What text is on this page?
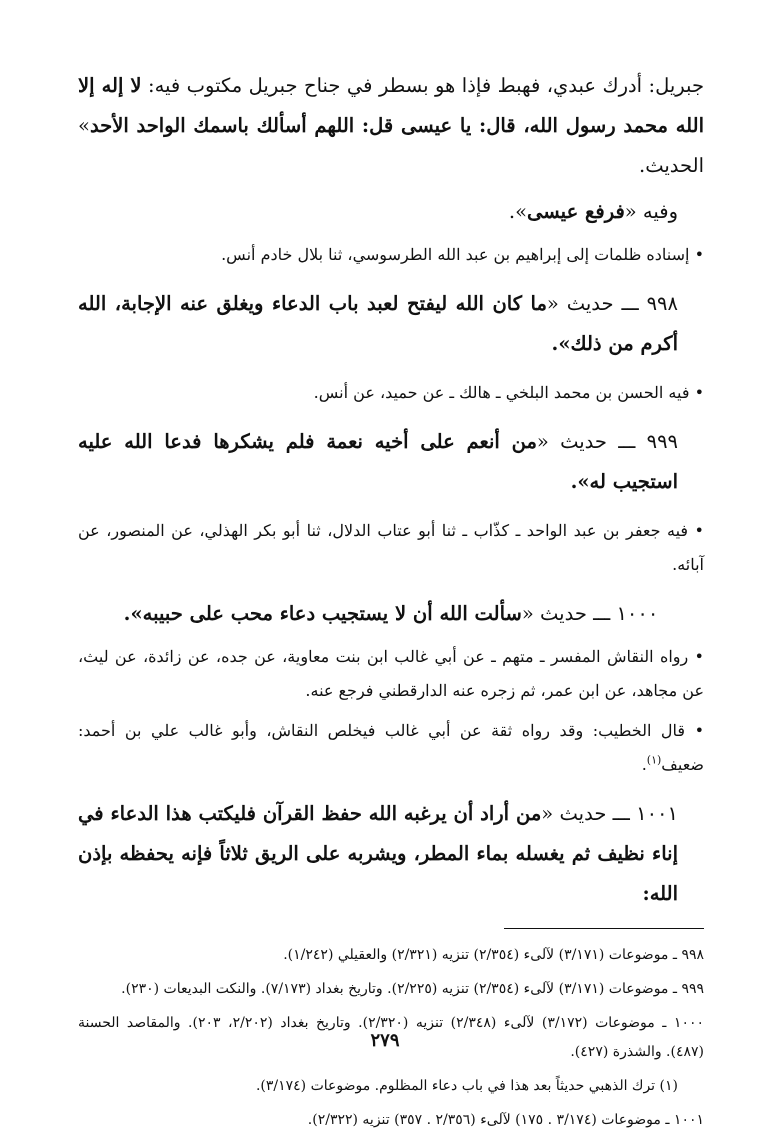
جبريل: أدرك عبدي، فهبط فإذا هو بسطر في جناح جبريل مكتوب فيه: لا إله إلا الله محمد رسول الله، قال: يا عيسى قل: اللهم أسألك باسمك الواحد الأحد» الحديث.

وفيه «فرفع عيسى».

• إسناده ظلمات إلى إبراهيم بن عبد الله الطرسوسي، ثنا بلال خادم أنس.

٩٩٨ ـــ حديث «ما كان الله ليفتح لعبد باب الدعاء ويغلق عنه الإجابة، الله أكرم من ذلك».

• فيه الحسن بن محمد البلخي ـ هالك ـ عن حميد، عن أنس.

٩٩٩ ـــ حديث «من أنعم على أخيه نعمة فلم يشكرها فدعا الله عليه استجيب له».

• فيه جعفر بن عبد الواحد ـ كذّاب ـ ثنا أبو عتاب الدلال، ثنا أبو بكر الهذلي، عن المنصور، عن آبائه.

١٠٠٠ ـــ حديث «سألت الله أن لا يستجيب دعاء محب على حبيبه».

• رواه النقاش المفسر ـ متهم ـ عن أبي غالب ابن بنت معاوية، عن جده، عن زائدة، عن ليث، عن مجاهد، عن ابن عمر، ثم زجره عنه الدارقطني فرجع عنه.

• قال الخطيب: وقد رواه ثقة عن أبي غالب فيخلص النقاش، وأبو غالب علي بن أحمد: ضعيف$^{(١)}$.

١٠٠١ ـــ حديث «من أراد أن يرغبه الله حفظ القرآن فليكتب هذا الدعاء في إناء نظيف ثم يغسله بماء المطر، ويشربه على الريق ثلاثاً فإنه يحفظه بإذن الله:

٩٩٨ ـ موضوعات (٣/١٧١) لآلىء (٢/٣٥٤) تنزيه (٢/٣٢١) والعقيلي (١/٢٤٢).

٩٩٩ ـ موضوعات (٣/١٧١) لآلىء (٢/٣٥٤) تنزيه (٢/٢٢٥). وتاريخ بغداد (٧/١٧٣). والنكت البديعات (٢٣٠).

١٠٠٠ ـ موضوعات (٣/١٧٢) لآلىء (٢/٣٤٨) تنزيه (٢/٣٢٠). وتاريخ بغداد (٢/٢٠٢، ٢٠٣). والمقاصد الحسنة (٤٨٧). والشذرة (٤٢٧).

(١) ترك الذهبي حديثاً بعد هذا في باب دعاء المظلوم. موضوعات (٣/١٧٤).

١٠٠١ ـ موضوعات (٣/١٧٤ . ١٧٥) لآلىء (٢/٣٥٦ . ٣٥٧) تنزيه (٢/٣٢٢).

٢٧٩
